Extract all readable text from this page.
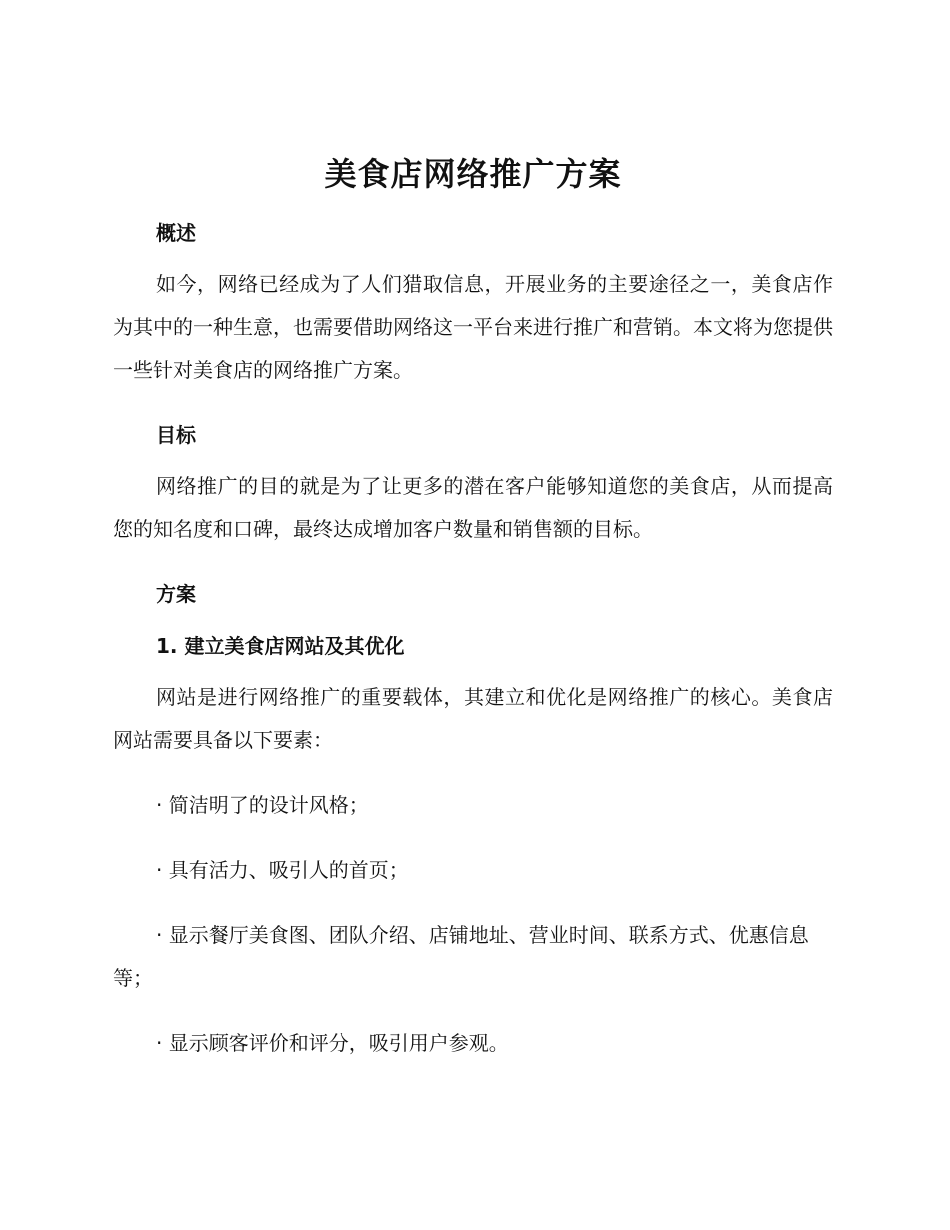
美食店网络推广方案
概述

如今，网络已经成为了人们猎取信息，开展业务的主要途径之一，美食店作为其中的一种生意，也需要借助网络这一平台来进行推广和营销。本文将为您提供一些针对美食店的网络推广方案。

目标

网络推广的目的就是为了让更多的潜在客户能够知道您的美食店，从而提高您的知名度和口碑，最终达成增加客户数量和销售额的目标。

方案
1. 建立美食店网站及其优化

网站是进行网络推广的重要载体，其建立和优化是网络推广的核心。美食店网站需要具备以下要素：

· 简洁明了的设计风格；

· 具有活力、吸引人的首页；

· 显示餐厅美食图、团队介绍、店铺地址、营业时间、联系方式、优惠信息等；

· 显示顾客评价和评分，吸引用户参观。
